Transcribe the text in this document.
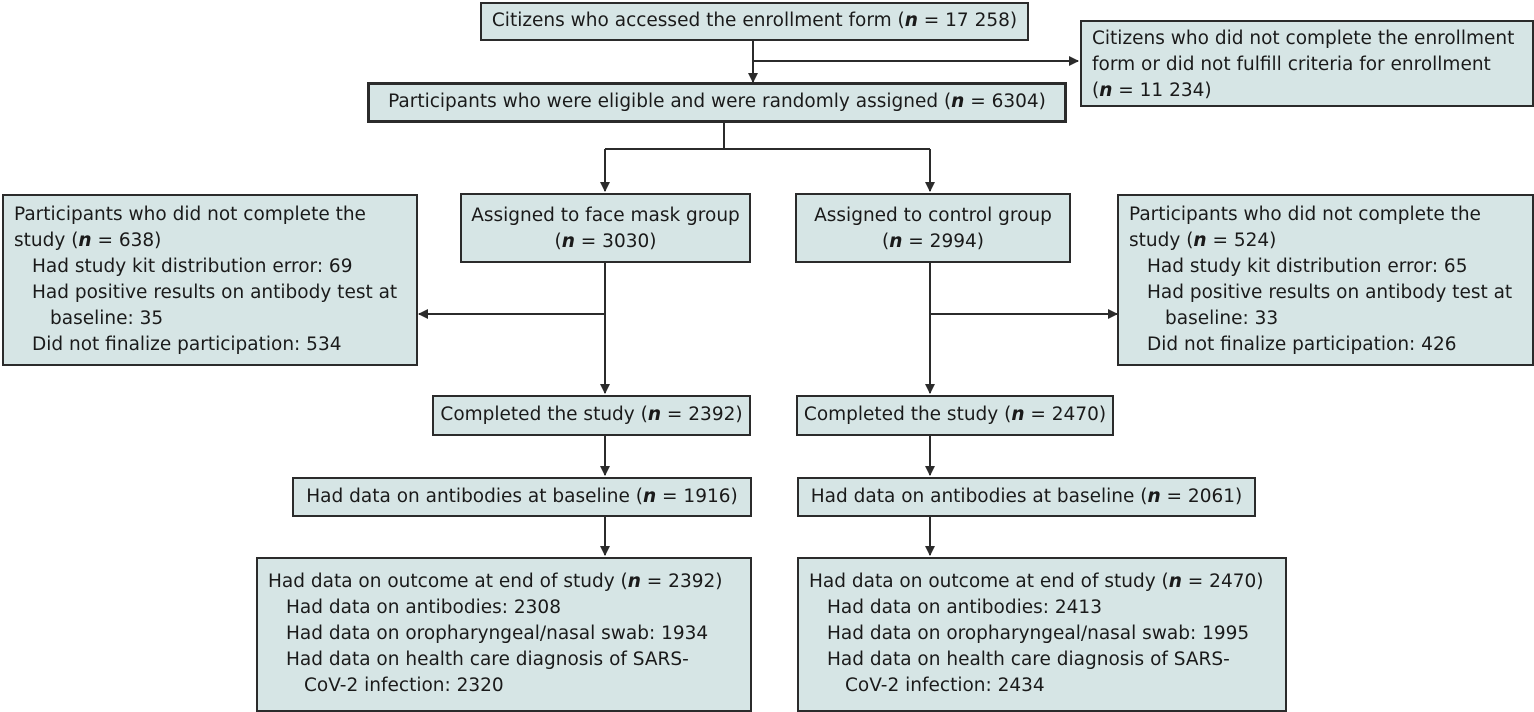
Citizens who accessed the enrollment form (n = 17 258)
Citizens who did not complete the enrollment
form or did not fulfill criteria for enrollment
(n = 11 234)
Participants who were eligible and were randomly assigned (n = 6304)
Assigned to face mask group
(n = 3030)
Assigned to control group
(n = 2994)
Participants who did not complete the
study (n = 638)
Had study kit distribution error: 69
Had positive results on antibody test at
baseline: 35
Did not finalize participation: 534
Participants who did not complete the
study (n = 524)
Had study kit distribution error: 65
Had positive results on antibody test at
baseline: 33
Did not finalize participation: 426
Completed the study (n = 2392)	Completed the study (n = 2470)
Had data on antibodies at baseline (n = 1916)	Had data on antibodies at baseline (n = 2061)
Had data on outcome at end of study (n = 2392)
Had data on antibodies: 2308
Had data on oropharyngeal/nasal swab: 1934
Had data on health care diagnosis of SARS-
CoV-2 infection: 2320
Had data on outcome at end of study (n = 2470)
Had data on antibodies: 2413
Had data on oropharyngeal/nasal swab: 1995
Had data on health care diagnosis of SARS-
CoV-2 infection: 2434
